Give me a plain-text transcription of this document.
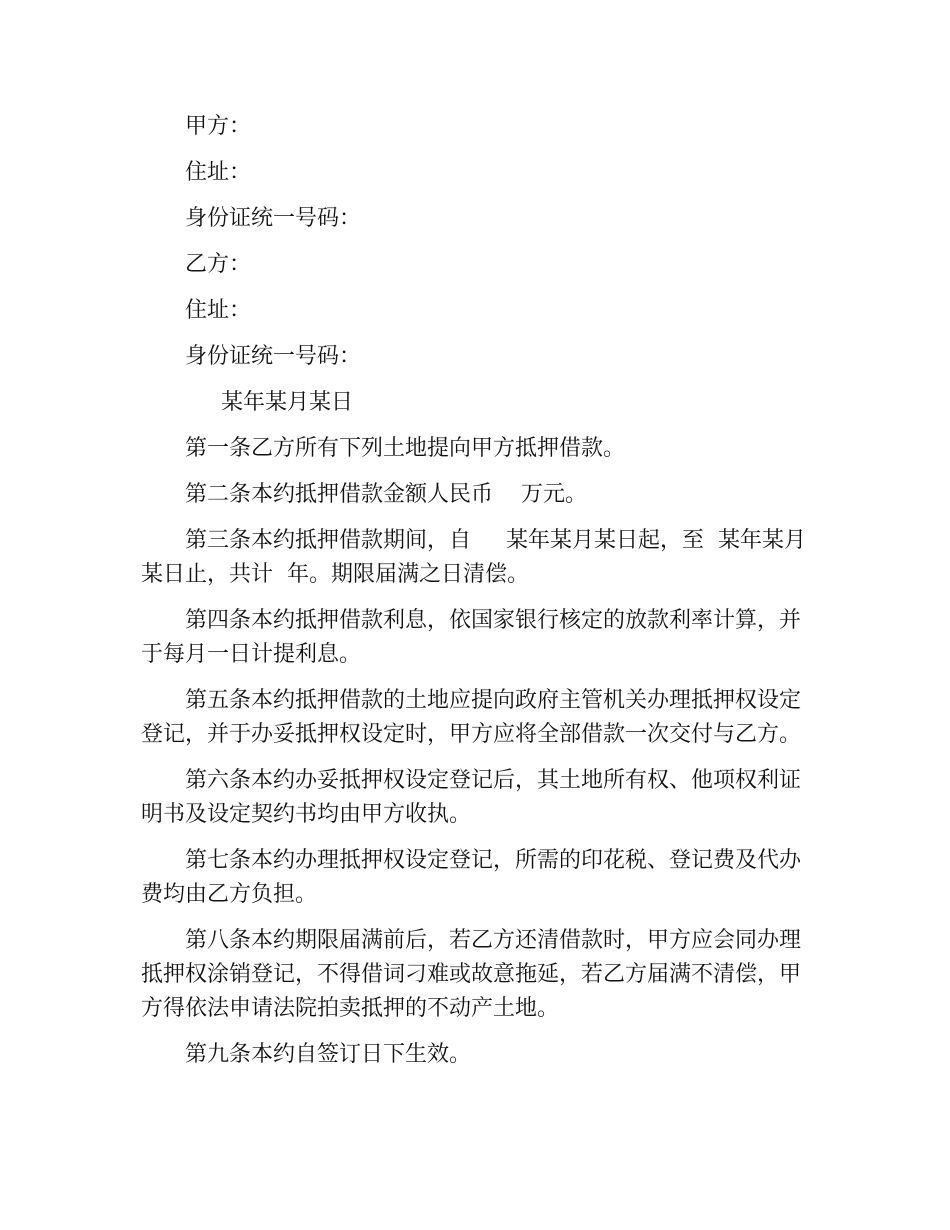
甲方：

住址：

身份证统一号码：

乙方：

住址：

身份证统一号码：

某年某月某日

第一条乙方所有下列土地提向甲方抵押借款。

第二条本约抵押借款金额人民币    万元。

第三条本约抵押借款期间，自     某年某月某日起，至  某年某月某日止，共计  年。期限届满之日清偿。

第四条本约抵押借款利息，依国家银行核定的放款利率计算，并于每月一日计提利息。

第五条本约抵押借款的土地应提向政府主管机关办理抵押权设定登记，并于办妥抵押权设定时，甲方应将全部借款一次交付与乙方。

第六条本约办妥抵押权设定登记后，其土地所有权、他项权利证明书及设定契约书均由甲方收执。

第七条本约办理抵押权设定登记，所需的印花税、登记费及代办费均由乙方负担。

第八条本约期限届满前后，若乙方还清借款时，甲方应会同办理抵押权涂销登记，不得借词刁难或故意拖延，若乙方届满不清偿，甲方得依法申请法院拍卖抵押的不动产土地。

第九条本约自签订日下生效。
